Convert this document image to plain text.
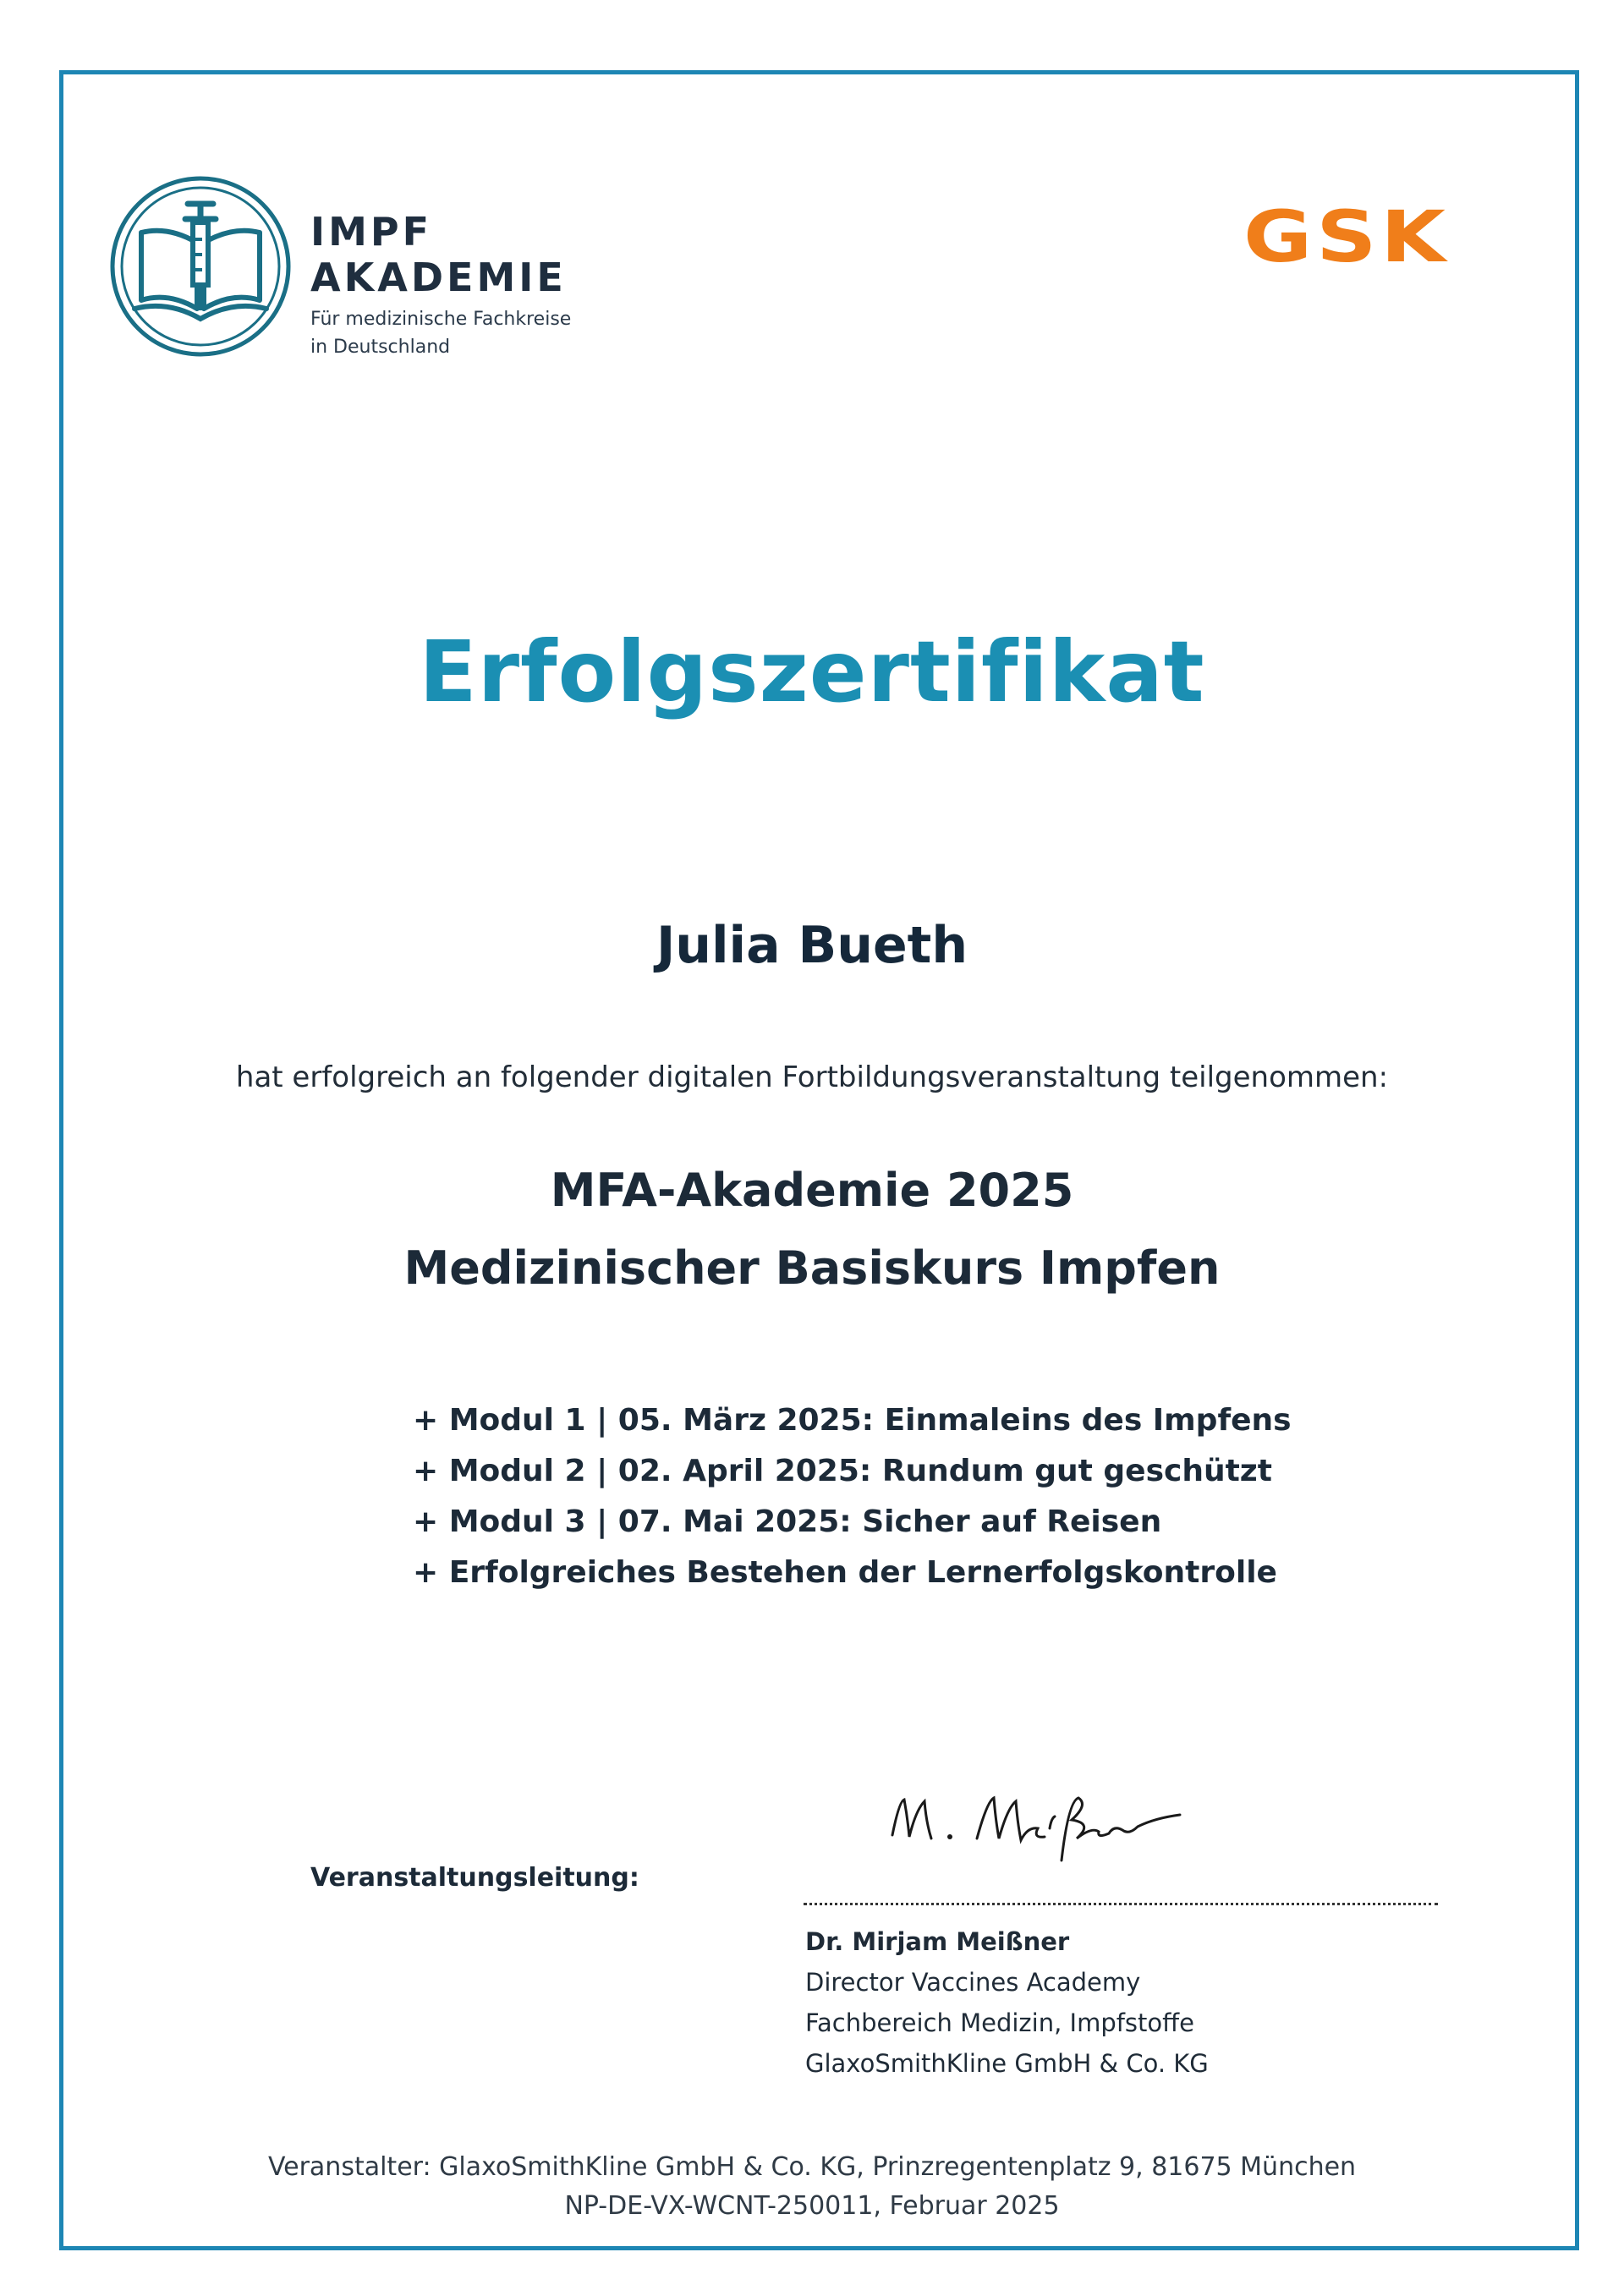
IMPF
AKADEMIE
Für medizinische Fachkreise
in Deutschland
GSK
Erfolgszertifikat
Julia Bueth
hat erfolgreich an folgender digitalen Fortbildungsveranstaltung teilgenommen:
MFA-Akademie 2025
Medizinischer Basiskurs Impfen
+ Modul 1 | 05. März 2025: Einmaleins des Impfens
+ Modul 2 | 02. April 2025: Rundum gut geschützt
+ Modul 3 | 07. Mai 2025: Sicher auf Reisen
+ Erfolgreiches Bestehen der Lernerfolgskontrolle
Veranstaltungsleitung:
Dr. Mirjam Meißner
Director Vaccines Academy
Fachbereich Medizin, Impfstoffe
GlaxoSmithKline GmbH & Co. KG
Veranstalter: GlaxoSmithKline GmbH & Co. KG, Prinzregentenplatz 9, 81675 München
NP-DE-VX-WCNT-250011, Februar 2025
